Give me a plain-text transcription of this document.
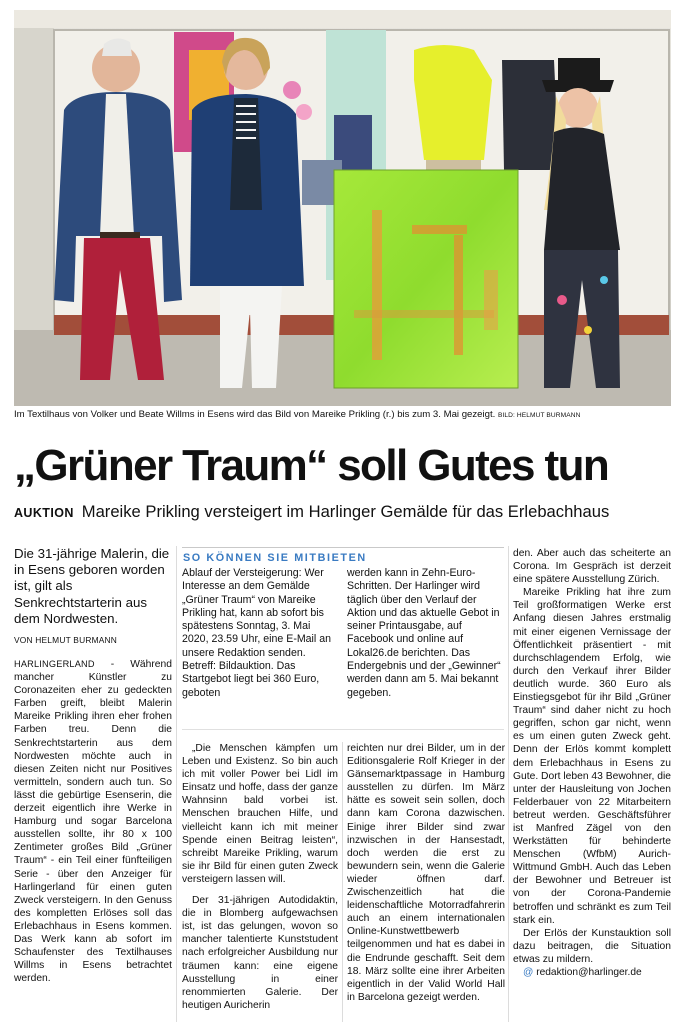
Im Textilhaus von Volker und Beate Willms in Esens wird das Bild von Mareike Prikling (r.) bis zum 3. Mai gezeigt. BILD: HELMUT BURMANN
„Grüner Traum“ soll Gutes tun
AUKTION Mareike Prikling versteigert im Harlinger Gemälde für das Erlebachhaus
Die 31-jährige Malerin, die in Esens geboren worden ist, gilt als Senkrechtstarterin aus dem Nordwesten.
VON HELMUT BURMANN

HARLINGERLAND - Während mancher Künstler zu Coronazeiten eher zu gedeckten Farben greift, bleibt Malerin Mareike Prikling ihren eher frohen Farben treu. Denn die Senkrechtstarterin aus dem Nordwesten möchte auch in diesen Zeiten nicht nur Positives vermitteln, sondern auch tun. So lässt die gebürtige Esenserin, die derzeit eigentlich ihre Werke in Hamburg und sogar Barcelona ausstellen sollte, ihr 80 x 100 Zentimeter großes Bild „Grüner Traum“ - ein Teil einer fünfteiligen Serie - über den Anzeiger für Harlingerland für einen guten Zweck versteigern. In den Genuss des kompletten Erlöses soll das Erlebachhaus in Esens kommen. Das Werk kann ab sofort im Schaufenster des Textilhauses Willms in Esens betrachtet werden.

SO KÖNNEN SIE MITBIETEN
Ablauf der Versteigerung: Wer Interesse an dem Gemälde „Grüner Traum“ von Mareike Prikling hat, kann ab sofort bis spätestens Sonntag, 3. Mai 2020, 23.59 Uhr, eine E-Mail an unsere Redaktion senden. Betreff: Bildauktion. Das Startgebot liegt bei 360 Euro, geboten
werden kann in Zehn-Euro-Schritten. Der Harlinger wird täglich über den Verlauf der Aktion und das aktuelle Gebot in seiner Printausgabe, auf Facebook und online auf Lokal26.de berichten. Das Endergebnis und der „Gewinner“ werden dann am 5. Mai bekannt gegeben.

„Die Menschen kämpfen um Leben und Existenz. So bin auch ich mit voller Power bei Lidl im Einsatz und hoffe, dass der ganze Wahnsinn bald vorbei ist. Menschen brauchen Hilfe, und vielleicht kann ich mit meiner Spende einen Beitrag leisten“, schreibt Mareike Prikling, warum sie ihr Bild für einen guten Zweck versteigern lassen will.

Der 31-jährigen Autodidaktin, die in Blomberg aufgewachsen ist, ist das gelungen, wovon so mancher talentierte Kunststudent nach erfolgreicher Ausbildung nur träumen kann: eine eigene Ausstellung in einer renommierten Galerie. Der heutigen Auricherin

reichten nur drei Bilder, um in der Editionsgalerie Rolf Krieger in der Gänsemarktpassage in Hamburg ausstellen zu dürfen. Im März hätte es soweit sein sollen, doch dann kam Corona dazwischen. Einige ihrer Bilder sind zwar inzwischen in der Hansestadt, doch werden die erst zu bewundern sein, wenn die Galerie wieder öffnen darf. Zwischenzeitlich hat die leidenschaftliche Motorradfahrerin auch an einem internationalen Online-Kunstwettbewerb teilgenommen und hat es dabei in die Endrunde geschafft. Seit dem 18. März sollte eine ihrer Arbeiten eigentlich in der Valid World Hall in Barcelona gezeigt werden.

den. Aber auch das scheiterte an Corona. Im Gespräch ist derzeit eine spätere Ausstellung Zürich.

Mareike Prikling hat ihre zum Teil großformatigen Werke erst Anfang diesen Jahres erstmalig mit einer eigenen Vernissage der Öffentlichkeit präsentiert - mit durchschlagendem Erfolg, wie durch den Verkauf ihrer Bilder deutlich wurde. 360 Euro als Einstiegsgebot für ihr Bild „Grüner Traum“ sind daher nicht zu hoch gegriffen, schon gar nicht, wenn es um einen guten Zweck geht. Denn der Erlös kommt komplett dem Erlebachhaus in Esens zu Gute. Dort leben 43 Bewohner, die unter der Hausleitung von Jochen Felderbauer von 22 Mitarbeitern betreut werden. Geschäftsführer ist Manfred Zägel von den Werkstätten für behinderte Menschen (WfbM) Aurich-Wittmund GmbH. Auch das Leben der Bewohner und Betreuer ist von der Corona-Pandemie betroffen und schränkt es zum Teil stark ein.

Der Erlös der Kunstauktion soll dazu beitragen, die Situation etwas zu mildern.

@ redaktion@harlinger.de
